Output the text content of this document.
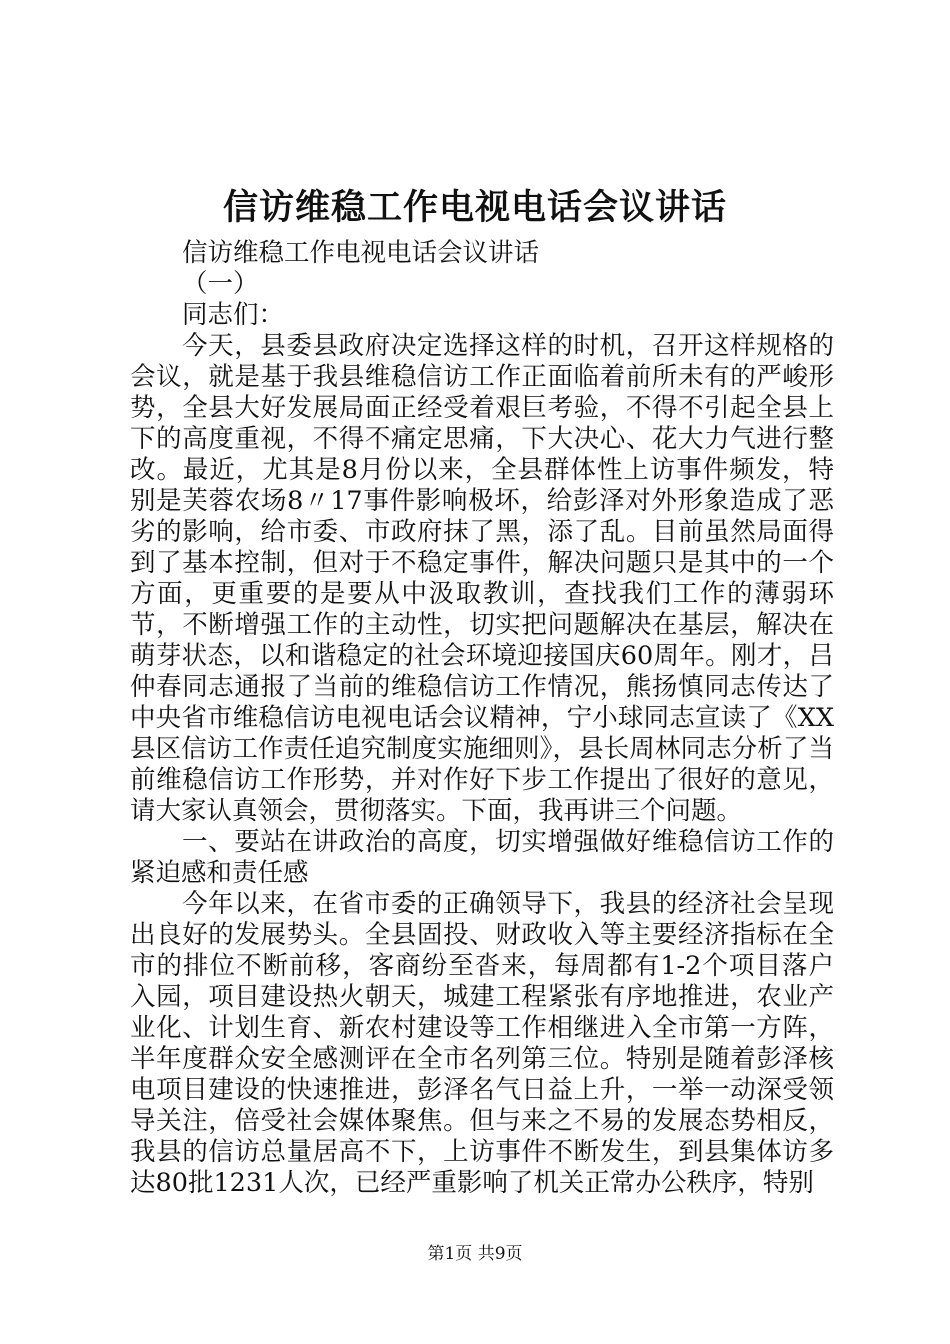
信访维稳工作电视电话会议讲话

信访维稳工作电视电话会议讲话

（一）

同志们：

今天，县委县政府决定选择这样的时机，召开这样规格的会议，就是基于我县维稳信访工作正面临着前所未有的严峻形势，全县大好发展局面正经受着艰巨考验，不得不引起全县上下的高度重视，不得不痛定思痛，下大决心、花大力气进行整改。最近，尤其是8月份以来，全县群体性上访事件频发，特别是芙蓉农场8〃17事件影响极坏，给彭泽对外形象造成了恶劣的影响，给市委、市政府抹了黑，添了乱。目前虽然局面得到了基本控制，但对于不稳定事件，解决问题只是其中的一个方面，更重要的是要从中汲取教训，查找我们工作的薄弱环节，不断增强工作的主动性，切实把问题解决在基层，解决在萌芽状态，以和谐稳定的社会环境迎接国庆60周年。刚才，吕仲春同志通报了当前的维稳信访工作情况，熊扬慎同志传达了中央省市维稳信访电视电话会议精神，宁小球同志宣读了《XX县区信访工作责任追究制度实施细则》，县长周林同志分析了当前维稳信访工作形势，并对作好下步工作提出了很好的意见，请大家认真领会，贯彻落实。下面，我再讲三个问题。

一、要站在讲政治的高度，切实增强做好维稳信访工作的紧迫感和责任感

今年以来，在省市委的正确领导下，我县的经济社会呈现出良好的发展势头。全县固投、财政收入等主要经济指标在全市的排位不断前移，客商纷至沓来，每周都有1-2个项目落户入园，项目建设热火朝天，城建工程紧张有序地推进，农业产业化、计划生育、新农村建设等工作相继进入全市第一方阵，半年度群众安全感测评在全市名列第三位。特别是随着彭泽核电项目建设的快速推进，彭泽名气日益上升，一举一动深受领导关注，倍受社会媒体聚焦。但与来之不易的发展态势相反，我县的信访总量居高不下，上访事件不断发生，到县集体访多达80批1231人次，已经严重影响了机关正常办公秩序，特别

第1页 共9页
